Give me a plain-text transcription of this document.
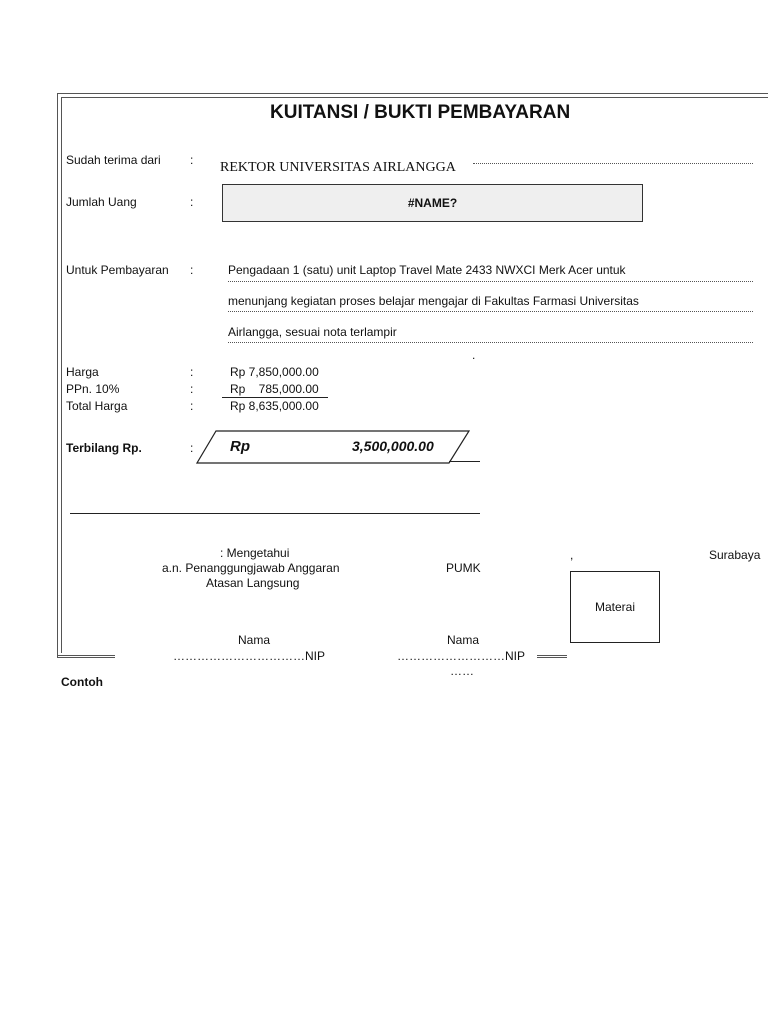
KUITANSI / BUKTI PEMBAYARAN
Sudah terima dari : REKTOR UNIVERSITAS AIRLANGGA
Jumlah Uang	:	#NAME?
Untuk Pembayaran :	Pengadaan 1 (satu) unit Laptop Travel Mate 2433 NWXCI Merk Acer untuk
menunjang kegiatan proses belajar mengajar di Fakultas Farmasi Universitas
Airlangga, sesuai nota terlampir
.
Harga	:	Rp 7,850,000.00
PPn. 10%	:	Rp    785,000.00
Total Harga	:	Rp 8,635,000.00
Terbilang Rp.	: Rp	3,500,000.00
: Mengetahui
a.n. Penanggungjawab Anggaran
Atasan Langsung
PUMK
,	Surabaya
Materai
Nama	Nama
……………………………NIP	………………………NIP
……
Contoh
